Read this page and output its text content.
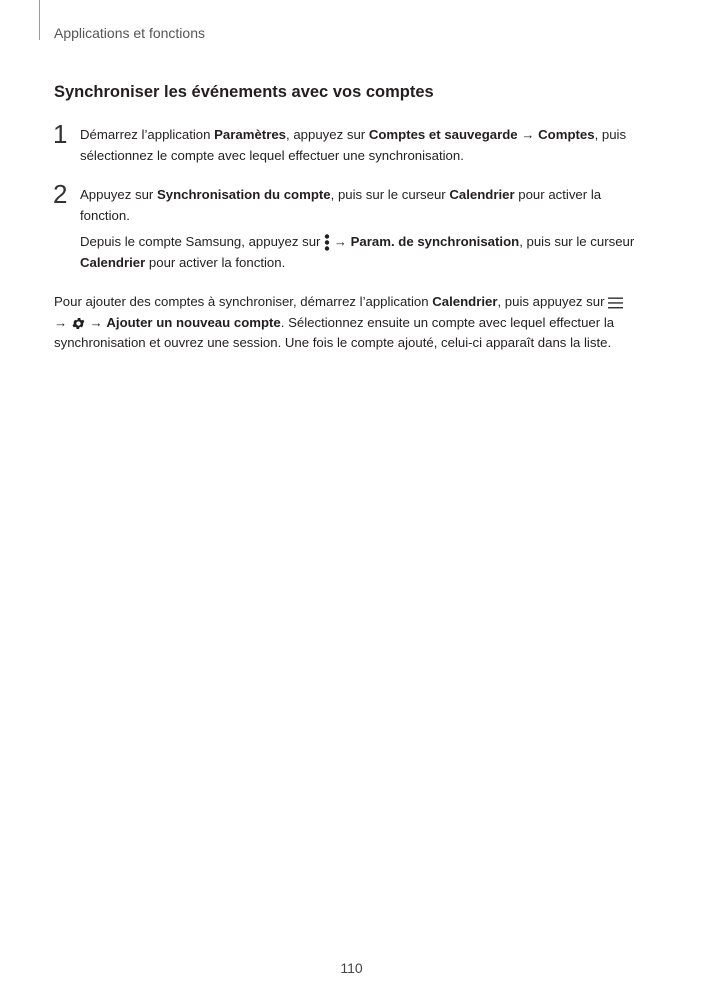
Applications et fonctions
Synchroniser les événements avec vos comptes
1 Démarrez l’application Paramètres, appuyez sur Comptes et sauvegarde → Comptes, puis sélectionnez le compte avec lequel effectuer une synchronisation.
2 Appuyez sur Synchronisation du compte, puis sur le curseur Calendrier pour activer la fonction.
Depuis le compte Samsung, appuyez sur  → Param. de synchronisation, puis sur le curseur Calendrier pour activer la fonction.
Pour ajouter des comptes à synchroniser, démarrez l’application Calendrier, puis appuyez sur  →  → Ajouter un nouveau compte. Sélectionnez ensuite un compte avec lequel effectuer la synchronisation et ouvrez une session. Une fois le compte ajouté, celui-ci apparaît dans la liste.
110
